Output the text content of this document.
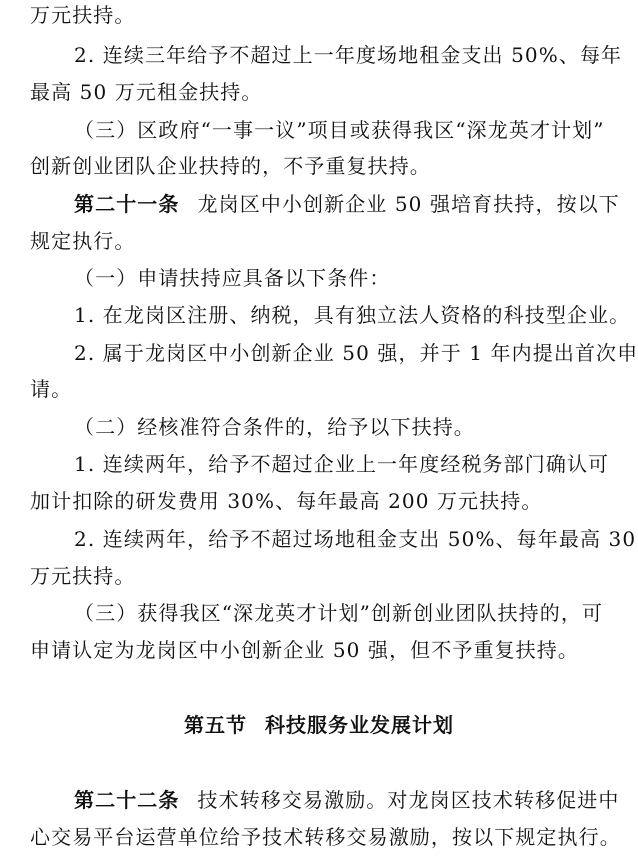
万元扶持。
2. 连续三年给予不超过上一年度场地租金支出 50%、每年
最高 50 万元租金扶持。
（三）区政府“一事一议”项目或获得我区“深龙英才计划”
创新创业团队企业扶持的，不予重复扶持。
第二十一条 龙岗区中小创新企业 50 强培育扶持，按以下
规定执行。
（一）申请扶持应具备以下条件：
1. 在龙岗区注册、纳税，具有独立法人资格的科技型企业。
2. 属于龙岗区中小创新企业 50 强，并于 1 年内提出首次申
请。
（二）经核准符合条件的，给予以下扶持。
1. 连续两年，给予不超过企业上一年度经税务部门确认可
加计扣除的研发费用 30%、每年最高 200 万元扶持。
2. 连续两年，给予不超过场地租金支出 50%、每年最高 30
万元扶持。
（三）获得我区“深龙英才计划”创新创业团队扶持的，可
申请认定为龙岗区中小创新企业 50 强，但不予重复扶持。
第五节 科技服务业发展计划
第二十二条 技术转移交易激励。对龙岗区技术转移促进中
心交易平台运营单位给予技术转移交易激励，按以下规定执行。
